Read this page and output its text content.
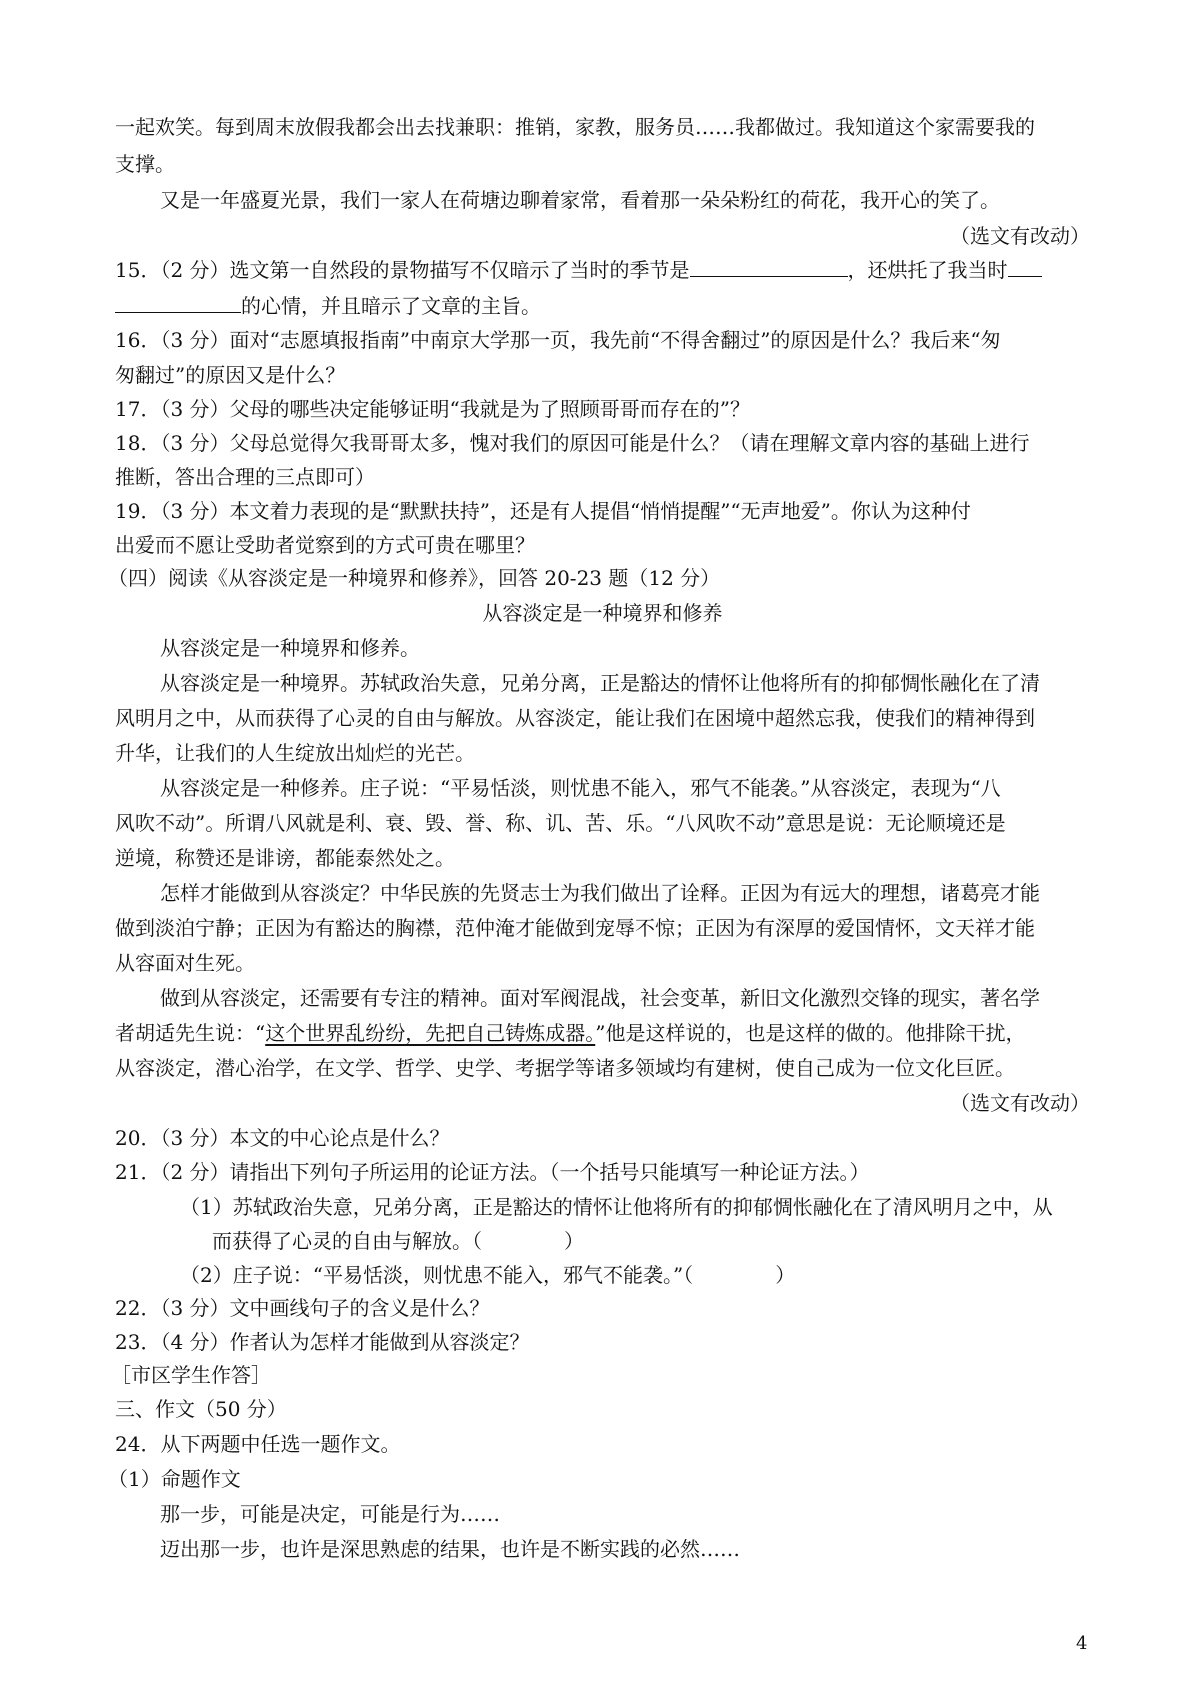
一起欢笑。每到周末放假我都会出去找兼职：推销，家教，服务员……我都做过。我知道这个家需要我的
支撑。
又是一年盛夏光景，我们一家人在荷塘边聊着家常，看着那一朵朵粉红的荷花，我开心的笑了。
（选文有改动）
15．（2 分）选文第一自然段的景物描写不仅暗示了当时的季节是	，还烘托了我当时
的心情，并且暗示了文章的主旨。
16．（3 分）面对“志愿填报指南”中南京大学那一页，我先前“不得舍翻过”的原因是什么？我后来“匆
匆翻过”的原因又是什么？
17．（3 分）父母的哪些决定能够证明“我就是为了照顾哥哥而存在的”？
18．（3 分）父母总觉得欠我哥哥太多，愧对我们的原因可能是什么？（请在理解文章内容的基础上进行
推断，答出合理的三点即可）
19．（3 分）本文着力表现的是“默默扶持”，还是有人提倡“悄悄提醒”“无声地爱”。你认为这种付
出爱而不愿让受助者觉察到的方式可贵在哪里？
（四）阅读《从容淡定是一种境界和修养》，回答 20-23 题（12 分）
从容淡定是一种境界和修养
从容淡定是一种境界和修养。
从容淡定是一种境界。苏轼政治失意，兄弟分离，正是豁达的情怀让他将所有的抑郁惆怅融化在了清
风明月之中，从而获得了心灵的自由与解放。从容淡定，能让我们在困境中超然忘我，使我们的精神得到
升华，让我们的人生绽放出灿烂的光芒。
从容淡定是一种修养。庄子说：“平易恬淡，则忧患不能入，邪气不能袭。”从容淡定，表现为“八
风吹不动”。所谓八风就是利、衰、毁、誉、称、讥、苦、乐。“八风吹不动”意思是说：无论顺境还是
逆境，称赞还是诽谤，都能泰然处之。
怎样才能做到从容淡定？中华民族的先贤志士为我们做出了诠释。正因为有远大的理想，诸葛亮才能
做到淡泊宁静；正因为有豁达的胸襟，范仲淹才能做到宠辱不惊；正因为有深厚的爱国情怀，文天祥才能
从容面对生死。
做到从容淡定，还需要有专注的精神。面对军阀混战，社会变革，新旧文化激烈交锋的现实，著名学
者胡适先生说：“这个世界乱纷纷，先把自己铸炼成器。”他是这样说的，也是这样的做的。他排除干扰，
从容淡定，潜心治学，在文学、哲学、史学、考据学等诸多领域均有建树，使自己成为一位文化巨匠。
（选文有改动）
20．（3 分）本文的中心论点是什么？
21．（2 分）请指出下列句子所运用的论证方法。（一个括号只能填写一种论证方法。）
（1）苏轼政治失意，兄弟分离，正是豁达的情怀让他将所有的抑郁惆怅融化在了清风明月之中，从
而获得了心灵的自由与解放。（	）
（2）庄子说：“平易恬淡，则忧患不能入，邪气不能袭。”（	）
22．（3 分）文中画线句子的含义是什么？
23．（4 分）作者认为怎样才能做到从容淡定？
［市区学生作答］
三、作文（50 分）
24．从下两题中任选一题作文。
（1）命题作文
那一步，可能是决定，可能是行为……
迈出那一步，也许是深思熟虑的结果，也许是不断实践的必然……
4
